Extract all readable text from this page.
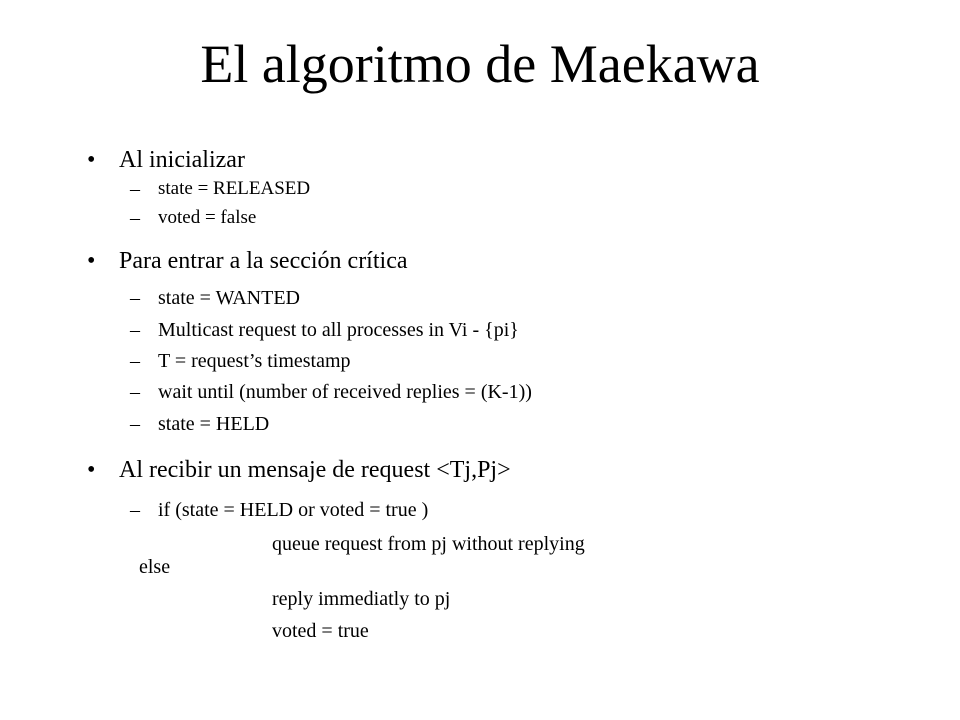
El algoritmo de Maekawa
• Al inicializar
– state = RELEASED
– voted = false
• Para entrar a la sección crítica
– state = WANTED
– Multicast request to all processes in Vi - {pi}
– T = request’s timestamp
– wait until (number of received replies = (K-1))
– state = HELD
• Al recibir un mensaje de request <Tj,Pj>
– if (state = HELD or voted = true )
queue request from pj without replying
else
reply immediatly to pj
voted = true
